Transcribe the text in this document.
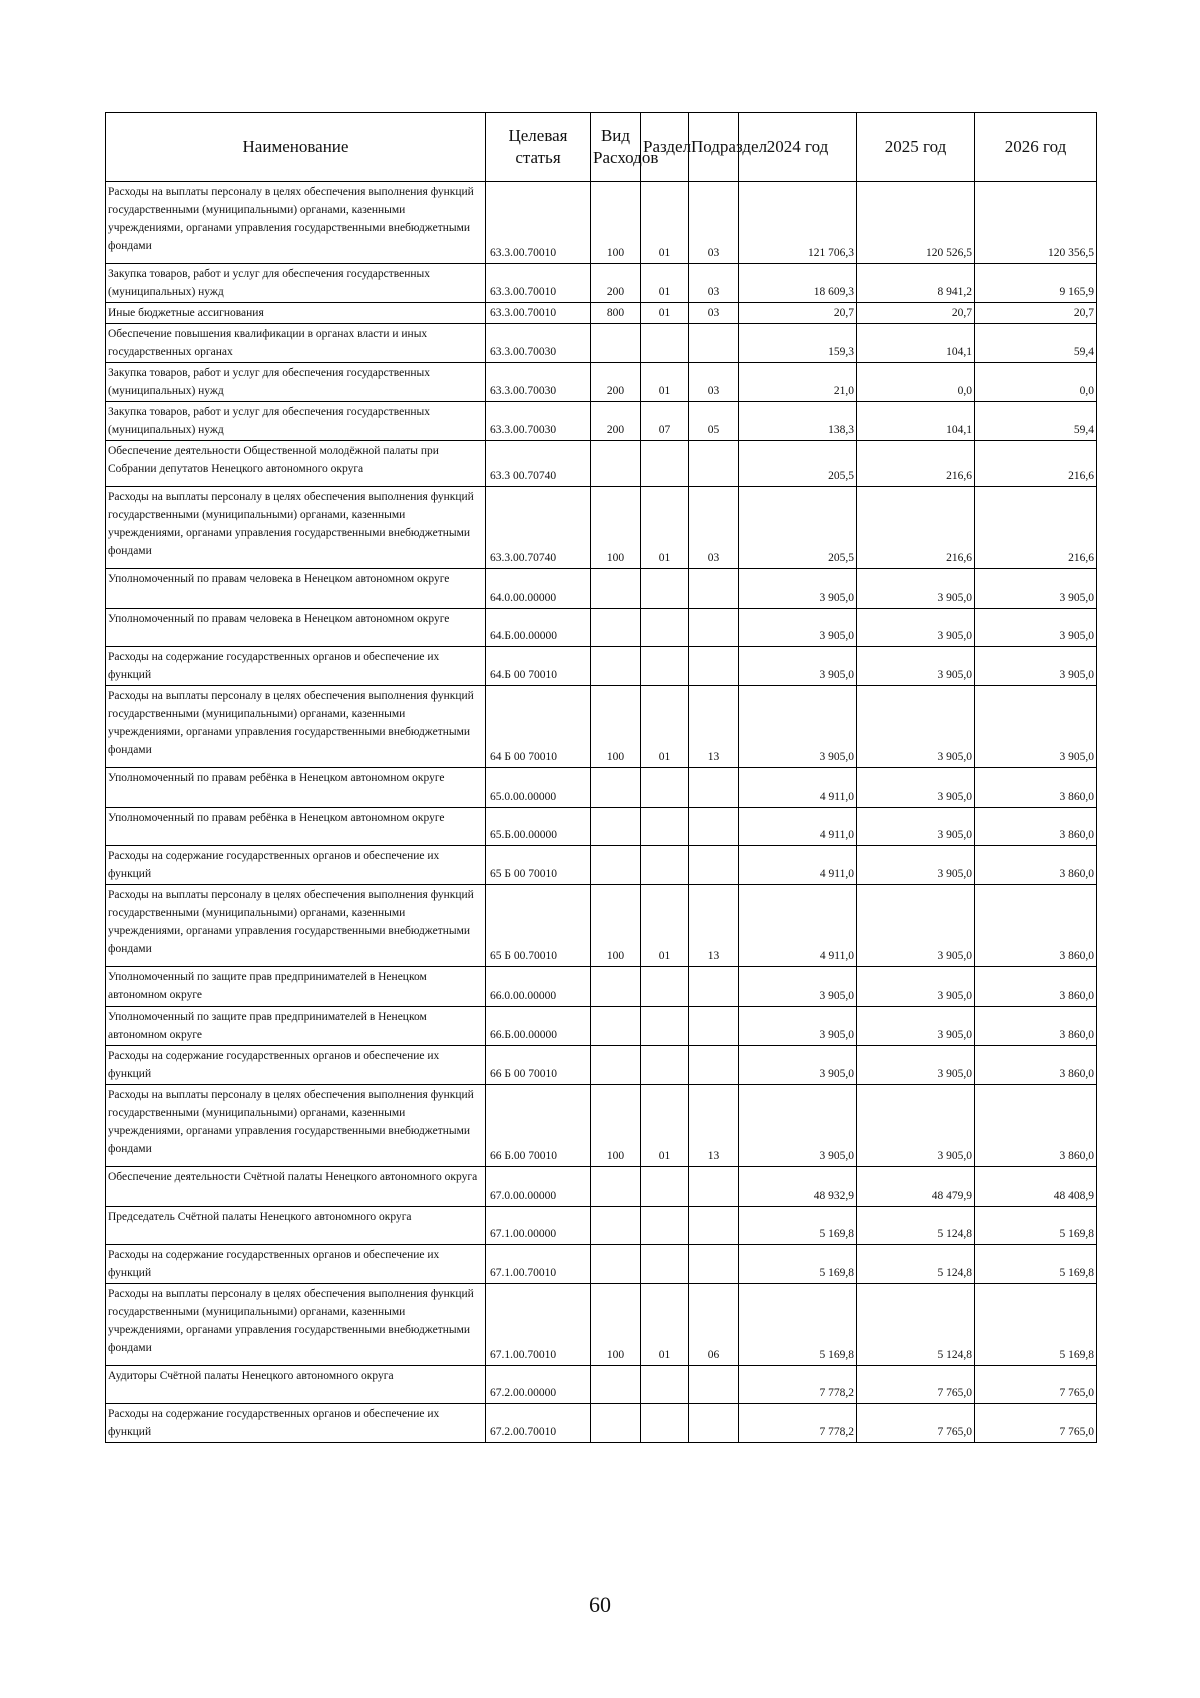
Наименование	Целевая статья	Вид Расходов	Раздел	Подраздел	2024 год	2025 год	2026 год
Расходы на выплаты персоналу в целях обеспечения выполнения функций государственными (муниципальными) органами, казенными учреждениями, органами управления государственными внебюджетными фондами	63.3.00.70010	100	01	03	121 706,3	120 526,5	120 356,5
Закупка товаров, работ и услуг для обеспечения государственных (муниципальных) нужд	63.3.00.70010	200	01	03	18 609,3	8 941,2	9 165,9
Иные бюджетные ассигнования	63.3.00.70010	800	01	03	20,7	20,7	20,7
Обеспечение повышения квалификации в органах власти и иных государственных органах	63.3.00.70030				159,3	104,1	59,4
Закупка товаров, работ и услуг для обеспечения государственных (муниципальных) нужд	63.3.00.70030	200	01	03	21,0	0,0	0,0
Закупка товаров, работ и услуг для обеспечения государственных (муниципальных) нужд	63.3.00.70030	200	07	05	138,3	104,1	59,4
Обеспечение деятельности Общественной молодёжной палаты при Собрании депутатов Ненецкого автономного округа	63.3 00.70740				205,5	216,6	216,6
Расходы на выплаты персоналу в целях обеспечения выполнения функций государственными (муниципальными) органами, казенными учреждениями, органами управления государственными внебюджетными фондами	63.3.00.70740	100	01	03	205,5	216,6	216,6
Уполномоченный по правам человека в Ненецком автономном округе	64.0.00.00000				3 905,0	3 905,0	3 905,0
Уполномоченный по правам человека в Ненецком автономном округе	64.Б.00.00000				3 905,0	3 905,0	3 905,0
Расходы на содержание государственных органов и обеспечение их функций	64.Б 00 70010				3 905,0	3 905,0	3 905,0
Расходы на выплаты персоналу в целях обеспечения выполнения функций государственными (муниципальными) органами, казенными учреждениями, органами управления государственными внебюджетными фондами	64 Б 00 70010	100	01	13	3 905,0	3 905,0	3 905,0
Уполномоченный по правам ребёнка в Ненецком автономном округе	65.0.00.00000				4 911,0	3 905,0	3 860,0
Уполномоченный по правам ребёнка в Ненецком автономном округе	65.Б.00.00000				4 911,0	3 905,0	3 860,0
Расходы на содержание государственных органов и обеспечение их функций	65 Б 00 70010				4 911,0	3 905,0	3 860,0
Расходы на выплаты персоналу в целях обеспечения выполнения функций государственными (муниципальными) органами, казенными учреждениями, органами управления государственными внебюджетными фондами	65 Б 00.70010	100	01	13	4 911,0	3 905,0	3 860,0
Уполномоченный по защите прав предпринимателей в Ненецком автономном округе	66.0.00.00000				3 905,0	3 905,0	3 860,0
Уполномоченный по защите прав предпринимателей в Ненецком автономном округе	66.Б.00.00000				3 905,0	3 905,0	3 860,0
Расходы на содержание государственных органов и обеспечение их функций	66 Б 00 70010				3 905,0	3 905,0	3 860,0
Расходы на выплаты персоналу в целях обеспечения выполнения функций государственными (муниципальными) органами, казенными учреждениями, органами управления государственными внебюджетными фондами	66 Б.00 70010	100	01	13	3 905,0	3 905,0	3 860,0
Обеспечение деятельности Счётной палаты Ненецкого автономного округа	67.0.00.00000				48 932,9	48 479,9	48 408,9
Председатель Счётной палаты Ненецкого автономного округа	67.1.00.00000				5 169,8	5 124,8	5 169,8
Расходы на содержание государственных органов и обеспечение их функций	67.1.00.70010				5 169,8	5 124,8	5 169,8
Расходы на выплаты персоналу в целях обеспечения выполнения функций государственными (муниципальными) органами, казенными учреждениями, органами управления государственными внебюджетными фондами	67.1.00.70010	100	01	06	5 169,8	5 124,8	5 169,8
Аудиторы Счётной палаты Ненецкого автономного округа	67.2.00.00000				7 778,2	7 765,0	7 765,0
Расходы на содержание государственных органов и обеспечение их функций	67.2.00.70010				7 778,2	7 765,0	7 765,0
60
